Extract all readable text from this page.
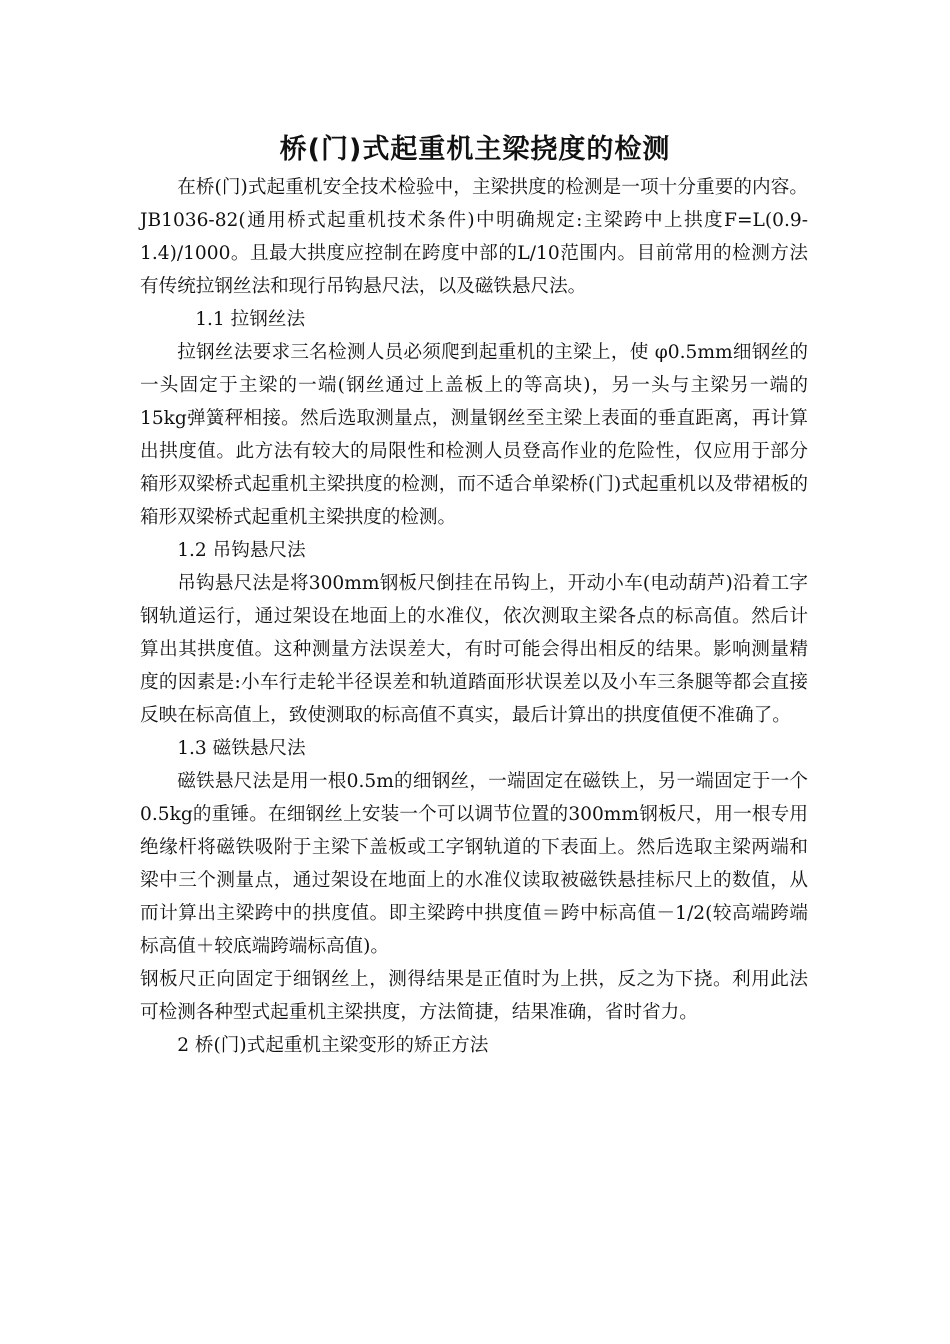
桥(门)式起重机主梁挠度的检测

在桥(门)式起重机安全技术检验中，主梁拱度的检测是一项十分重要的内容。JB1036-82(通用桥式起重机技术条件)中明确规定:主梁跨中上拱度F=L(0.9-1.4)/1000。且最大拱度应控制在跨度中部的L/10范围内。目前常用的检测方法有传统拉钢丝法和现行吊钩悬尺法，以及磁铁悬尺法。

1.1 拉钢丝法

拉钢丝法要求三名检测人员必须爬到起重机的主梁上，使 φ0.5mm细钢丝的一头固定于主梁的一端(钢丝通过上盖板上的等高块)，另一头与主梁另一端的15kg弹簧秤相接。然后选取测量点，测量钢丝至主梁上表面的垂直距离，再计算出拱度值。此方法有较大的局限性和检测人员登高作业的危险性，仅应用于部分箱形双梁桥式起重机主梁拱度的检测，而不适合单梁桥(门)式起重机以及带裙板的箱形双梁桥式起重机主梁拱度的检测。

1.2 吊钩悬尺法

吊钩悬尺法是将300mm钢板尺倒挂在吊钩上，开动小车(电动葫芦)沿着工字钢轨道运行，通过架设在地面上的水准仪，依次测取主梁各点的标高值。然后计算出其拱度值。这种测量方法误差大，有时可能会得出相反的结果。影响测量精度的因素是:小车行走轮半径误差和轨道踏面形状误差以及小车三条腿等都会直接反映在标高值上，致使测取的标高值不真实，最后计算出的拱度值便不准确了。

1.3 磁铁悬尺法

磁铁悬尺法是用一根0.5m的细钢丝，一端固定在磁铁上，另一端固定于一个0.5kg的重锤。在细钢丝上安装一个可以调节位置的300mm钢板尺，用一根专用绝缘杆将磁铁吸附于主梁下盖板或工字钢轨道的下表面上。然后选取主梁两端和梁中三个测量点，通过架设在地面上的水准仪读取被磁铁悬挂标尺上的数值，从而计算出主梁跨中的拱度值。即主梁跨中拱度值＝跨中标高值－1/2(较高端跨端标高值＋较底端跨端标高值)。

钢板尺正向固定于细钢丝上，测得结果是正值时为上拱，反之为下挠。利用此法可检测各种型式起重机主梁拱度，方法简捷，结果准确，省时省力。

2 桥(门)式起重机主梁变形的矫正方法
